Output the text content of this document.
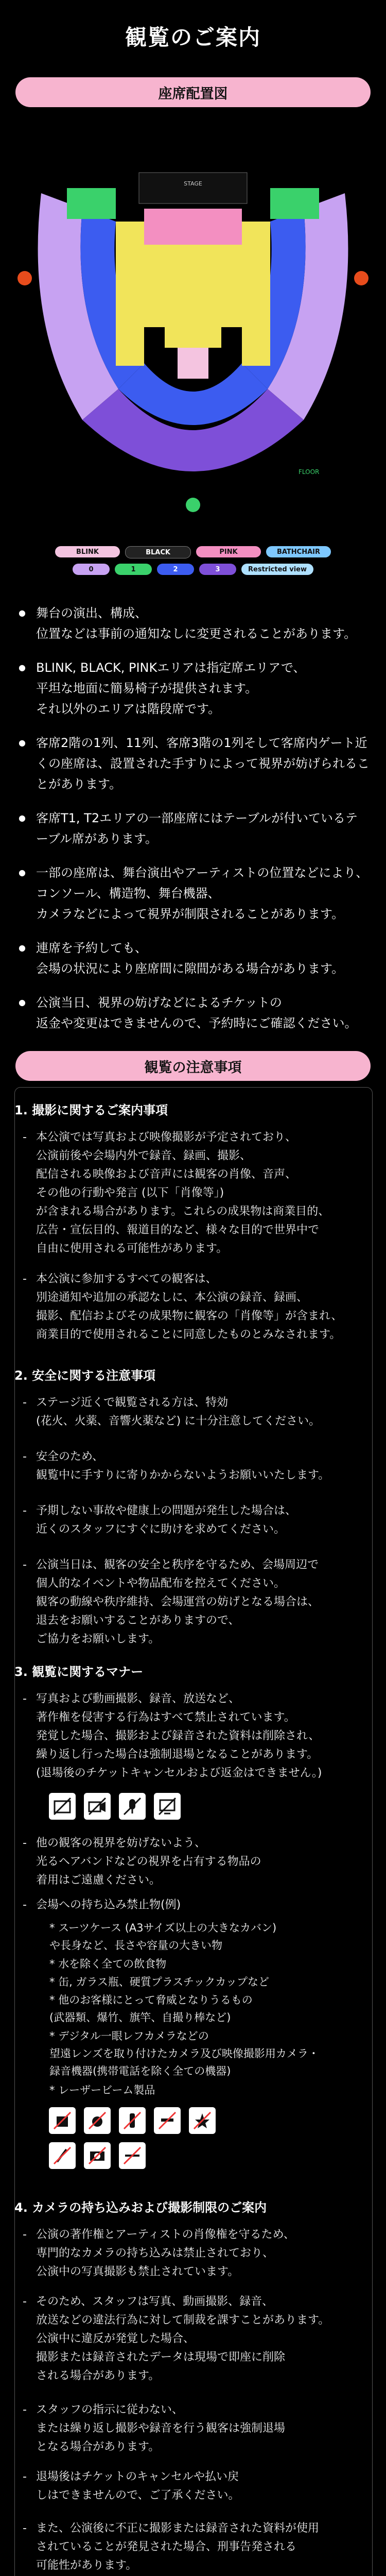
観覧のご案内
座席配置図
STAGE
FLOOR
BLINK	BLACK	PINK	BATHCHAIR
0	1	2	3	Restricted view
● 舞台の演出、構成、
位置などは事前の通知なしに変更されることがあります。
● BLINK, BLACK, PINKエリアは指定席エリアで、
平坦な地面に簡易椅子が提供されます。
それ以外のエリアは階段席です。
● 客席2階の1列、11列、客席3階の1列そして客席内ゲート近くの座席は、設置された手すりによって視界が妨げられることがあります。
● 客席T1, T2エリアの一部座席にはテーブルが付いているテーブル席があります。
● 一部の座席は、舞台演出やアーティストの位置などにより、コンソール、構造物、舞台機器、
カメラなどによって視界が制限されることがあります。
● 連席を予約しても、
会場の状況により座席間に隙間がある場合があります。
● 公演当日、視界の妨げなどによるチケットの
返金や変更はできませんので、予約時にご確認ください。
観覧の注意事項
1. 撮影に関するご案内事項
- 本公演では写真および映像撮影が予定されており、
公演前後や会場内外で録音、録画、撮影、
配信される映像および音声には観客の肖像、音声、
その他の行動や発言 (以下「肖像等」)
が含まれる場合があります。これらの成果物は商業目的、
広告・宣伝目的、報道目的など、様々な目的で世界中で
自由に使用される可能性があります。
- 本公演に参加するすべての観客は、
別途通知や追加の承認なしに、本公演の録音、録画、
撮影、配信およびその成果物に観客の「肖像等」が含まれ、
商業目的で使用されることに同意したものとみなされます。
2. 安全に関する注意事項
- ステージ近くで観覧される方は、特効
(花火、火薬、音響火薬など) に十分注意してください。
- 安全のため、
観覧中に手すりに寄りかからないようお願いいたします。
- 予期しない事故や健康上の問題が発生した場合は、
近くのスタッフにすぐに助けを求めてください。
- 公演当日は、観客の安全と秩序を守るため、会場周辺で
個人的なイベントや物品配布を控えてください。
観客の動線や秩序維持、会場運営の妨げとなる場合は、
退去をお願いすることがありますので、
ご協力をお願いします。
3. 観覧に関するマナー
- 写真および動画撮影、録音、放送など、
著作権を侵害する行為はすべて禁止されています。
発覚した場合、撮影および録音された資料は削除され、
繰り返し行った場合は強制退場となることがあります。
(退場後のチケットキャンセルおよび返金はできません。)
- 他の観客の視界を妨げないよう、
光るヘアバンドなどの視界を占有する物品の
着用はご遠慮ください。
- 会場への持ち込み禁止物(例)
* スーツケース (A3サイズ以上の大きなカバン)
や長身など、長さや容量の大きい物
* 水を除く全ての飲食物
* 缶, ガラス瓶、硬質プラスチックカップなど
* 他のお客様にとって脅威となりうるもの
(武器類、爆竹、旗竿、自撮り棒など)
* デジタル一眼レフカメラなどの
望遠レンズを取り付けたカメラ及び映像撮影用カメラ・
録音機器(携帯電話を除く全ての機器)
* レーザービーム製品
4. カメラの持ち込みおよび撮影制限のご案内
- 公演の著作権とアーティストの肖像権を守るため、
専門的なカメラの持ち込みは禁止されており、
公演中の写真撮影も禁止されています。
- そのため、スタッフは写真、動画撮影、録音、
放送などの違法行為に対して制裁を課すことがあります。
公演中に違反が発覚した場合、
撮影または録音されたデータは現場で即座に削除
される場合があります。
- スタッフの指示に従わない、
または繰り返し撮影や録音を行う観客は強制退場
となる場合があります。
- 退場後はチケットのキャンセルや払い戻
しはできませんので、ご了承ください。
- また、公演後に不正に撮影または録音された資料が使用
されていることが発見された場合、刑事告発される
可能性があります。
